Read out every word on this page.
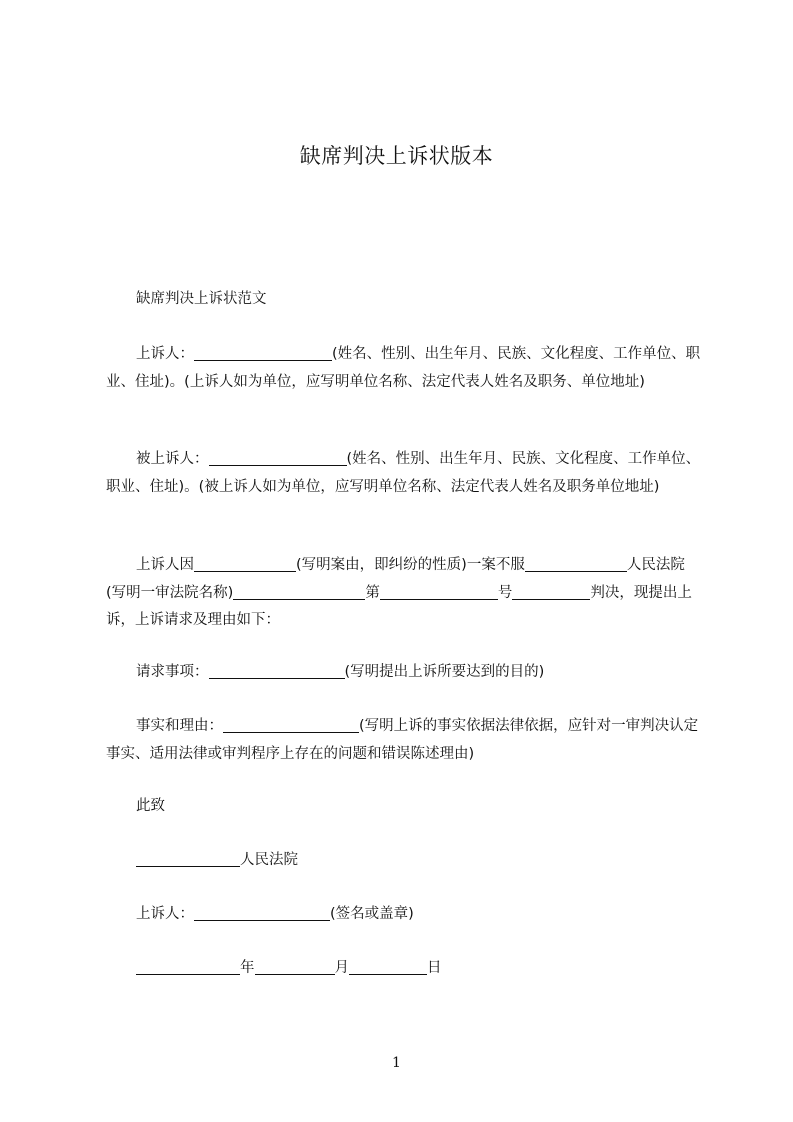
缺席判决上诉状版本
缺席判决上诉状范文
上诉人：	(姓名、性别、出生年月、民族、文化程度、工作单位、职业、住址)。(上诉人如为单位，应写明单位名称、法定代表人姓名及职务、单位地址)
被上诉人：	(姓名、性别、出生年月、民族、文化程度、工作单位、职业、住址)。(被上诉人如为单位，应写明单位名称、法定代表人姓名及职务单位地址)
上诉人因	(写明案由，即纠纷的性质)一案不服	人民法院(写明一审法院名称)	第	号	判决，现提出上诉，上诉请求及理由如下：
请求事项：	(写明提出上诉所要达到的目的)
事实和理由：	(写明上诉的事实依据法律依据，应针对一审判决认定事实、适用法律或审判程序上存在的问题和错误陈述理由)
此致
人民法院
上诉人：	(签名或盖章)
年	月	日
1
